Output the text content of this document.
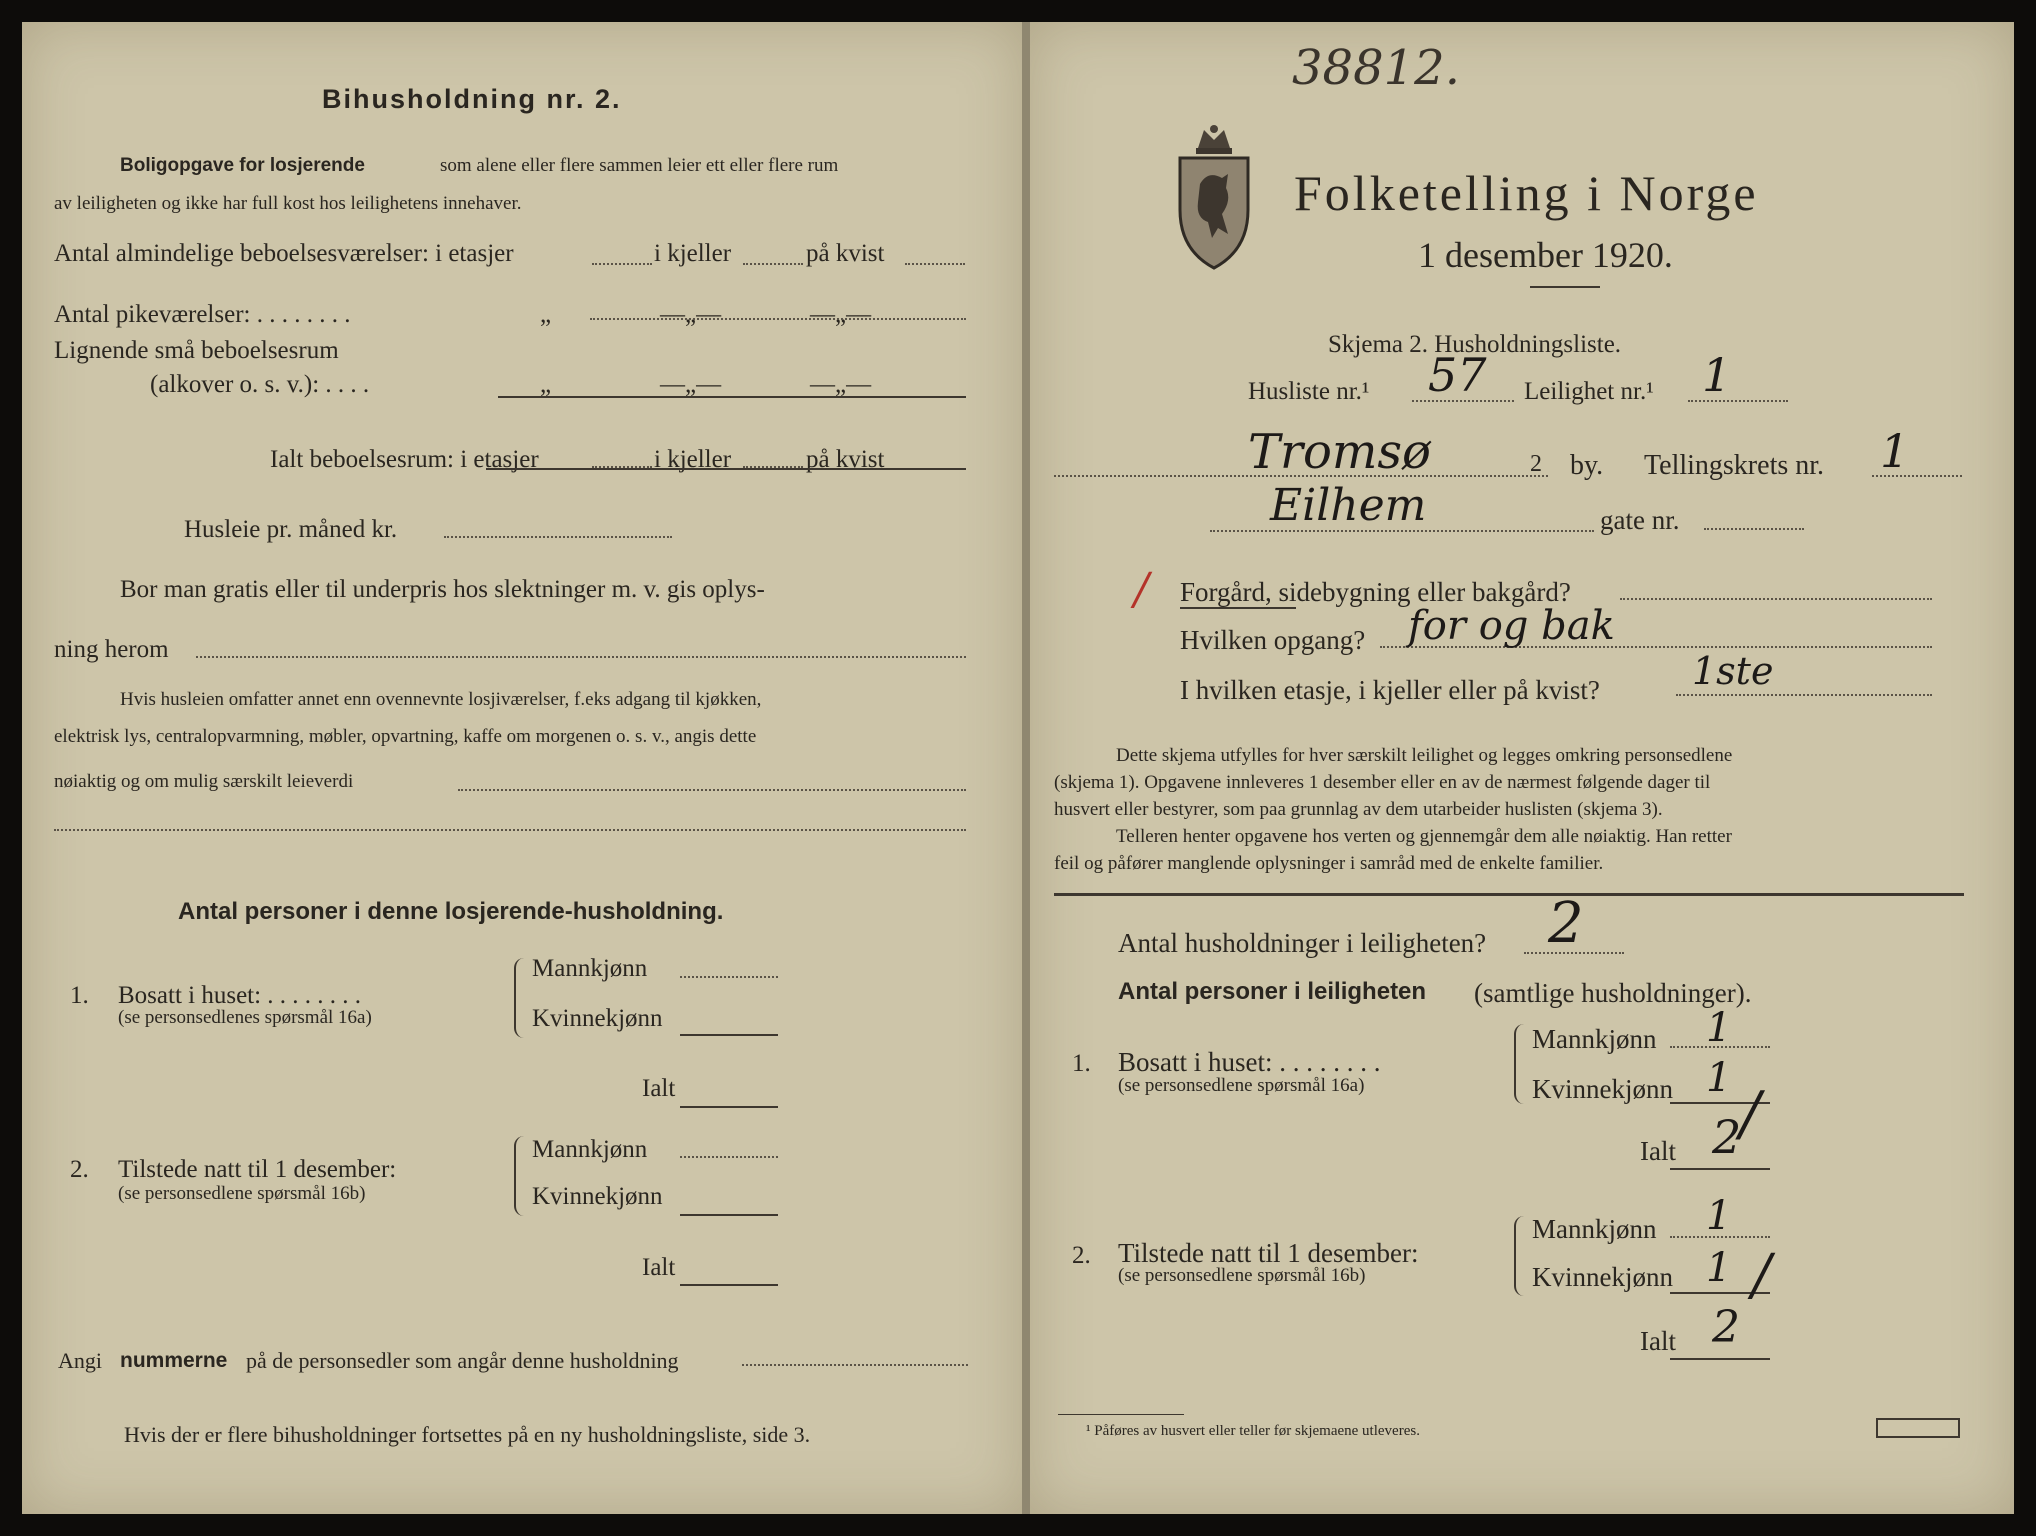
Bihusholdning nr. 2.
Boligopgave for losjerende	som alene eller flere sammen leier ett eller flere rum
av leiligheten og ikke har full kost hos leilighetens innehaver.
Antal almindelige beboelsesværelser: i etasjer	i kjeller	på kvist
Antal pikeværelser: . . . . . . . .	„	—„—	—„—
Lignende små beboelsesrum
(alkover o. s. v.): . . . .	„	—„—	—„—
Ialt beboelsesrum: i etasjer	i kjeller	på kvist
Husleie pr. måned kr.
Bor man gratis eller til underpris hos slektninger m. v. gis oplys-
ning herom
Hvis husleien omfatter annet enn ovennevnte losjiværelser, f.eks adgang til kjøkken,
elektrisk lys, centralopvarmning, møbler, opvartning, kaffe om morgenen o. s. v., angis dette
nøiaktig og om mulig særskilt leieverdi
Antal personer i denne losjerende-husholdning.
1. Bosatt i huset: . . . . . . . .
(se personsedlenes spørsmål 16a)
Mannkjønn
Kvinnekjønn
Ialt
2. Tilstede natt til 1 desember:
(se personsedlene spørsmål 16b)
Mannkjønn
Kvinnekjønn
Ialt
Angi nummerne på de personsedler som angår denne husholdning
Hvis der er flere bihusholdninger fortsettes på en ny husholdningsliste, side 3.
38812.
Folketelling i Norge
1 desember 1920.
Skjema 2. Husholdningsliste.
Husliste nr.¹ 57 Leilighet nr.¹ 1
Tromsø	2 by. Tellingskrets nr. 1
Eilhem	gate nr.
/ Forgård, sidebygning eller bakgård?
Hvilken opgang? for og bak
I hvilken etasje, i kjeller eller på kvist? 1ste
Dette skjema utfylles for hver særskilt leilighet og legges omkring personsedlene
(skjema 1). Opgavene innleveres 1 desember eller en av de nærmest følgende dager til
husvert eller bestyrer, som paa grunnlag av dem utarbeider huslisten (skjema 3).
Telleren henter opgavene hos verten og gjennemgår dem alle nøiaktig. Han retter
feil og påfører manglende oplysninger i samråd med de enkelte familier.
Antal husholdninger i leiligheten? 2
Antal personer i leiligheten (samtlige husholdninger).
1. Bosatt i huset: . . . . . . . .
(se personsedlene spørsmål 16a)
Mannkjønn 1
Kvinnekjønn 1
Ialt 2
/
2. Tilstede natt til 1 desember:
(se personsedlene spørsmål 16b)
Mannkjønn 1
Kvinnekjønn 1 /
Ialt 2
¹ Påføres av husvert eller teller før skjemaene utleveres.
